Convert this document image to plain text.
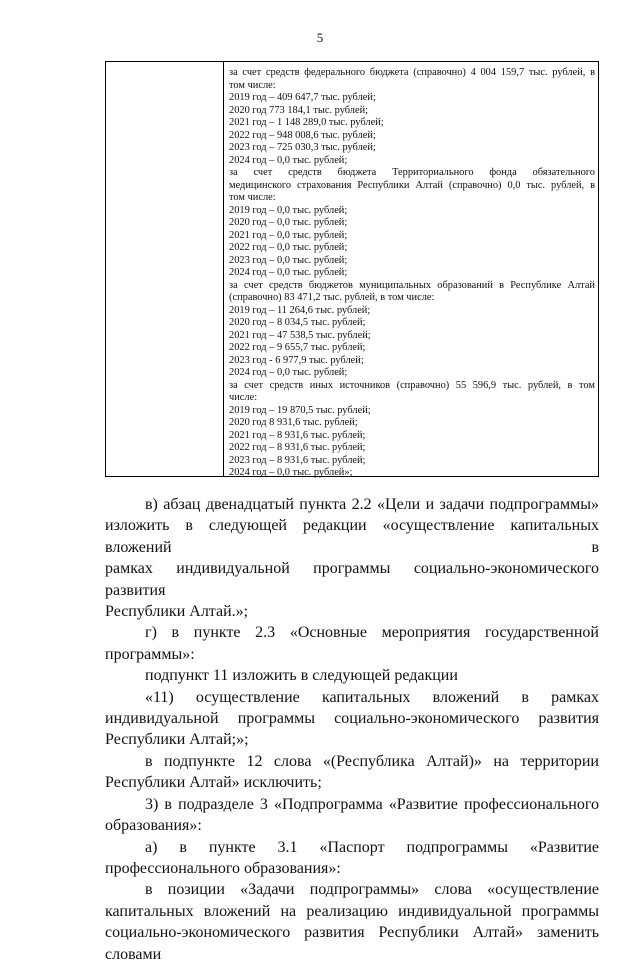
5
за счет средств федерального бюджета (справочно) 4 004 159,7 тыс. рублей, в
том числе:
2019 год – 409 647,7 тыс. рублей;
2020 год 773 184,1 тыс. рублей;
2021 год – 1 148 289,0 тыс. рублей;
2022 год – 948 008,6 тыс. рублей;
2023 год – 725 030,3 тыс. рублей;
2024 год – 0,0 тыс. рублей;
за счет средств бюджета Территориального фонда обязательного
медицинского страхования Республики Алтай (справочно) 0,0 тыс. рублей, в
том числе:
2019 год – 0,0 тыс. рублей;
2020 год – 0,0 тыс. рублей;
2021 год – 0,0 тыс. рублей;
2022 год – 0,0 тыс. рублей;
2023 год – 0,0 тыс. рублей;
2024 год – 0,0 тыс. рублей;
за счет средств бюджетов муниципальных образований в Республике Алтай
(справочно) 83 471,2 тыс. рублей, в том числе:
2019 год – 11 264,6 тыс. рублей;
2020 год – 8 034,5 тыс. рублей;
2021 год – 47 538,5 тыс. рублей;
2022 год – 9 655,7 тыс. рублей;
2023 год - 6 977,9 тыс. рублей;
2024 год – 0,0 тыс. рублей;
за счет средств иных источников (справочно) 55 596,9 тыс. рублей, в том
числе:
2019 год – 19 870,5 тыс. рублей;
2020 год 8 931,6 тыс. рублей;
2021 год – 8 931,6 тыс. рублей;
2022 год – 8 931,6 тыс. рублей;
2023 год – 8 931,6 тыс. рублей;
2024 год – 0,0 тыс. рублей»;
в) абзац двенадцатый пункта 2.2 «Цели и задачи подпрограммы»
изложить в следующей редакции «осуществление капитальных вложений в
рамках индивидуальной программы социально-экономического развития
Республики Алтай.»;
г) в пункте 2.3 «Основные мероприятия государственной
программы»:
подпункт 11 изложить в следующей редакции
«11) осуществление капитальных вложений в рамках
индивидуальной программы социально-экономического развития
Республики Алтай;»;
в подпункте 12 слова «(Республика Алтай)» на территории
Республики Алтай» исключить;
3) в подразделе 3 «Подпрограмма «Развитие профессионального
образования»:
а) в пункте 3.1 «Паспорт подпрограммы «Развитие
профессионального образования»:
в позиции «Задачи подпрограммы» слова «осуществление
капитальных вложений на реализацию индивидуальной программы
социально-экономического развития Республики Алтай» заменить словами
